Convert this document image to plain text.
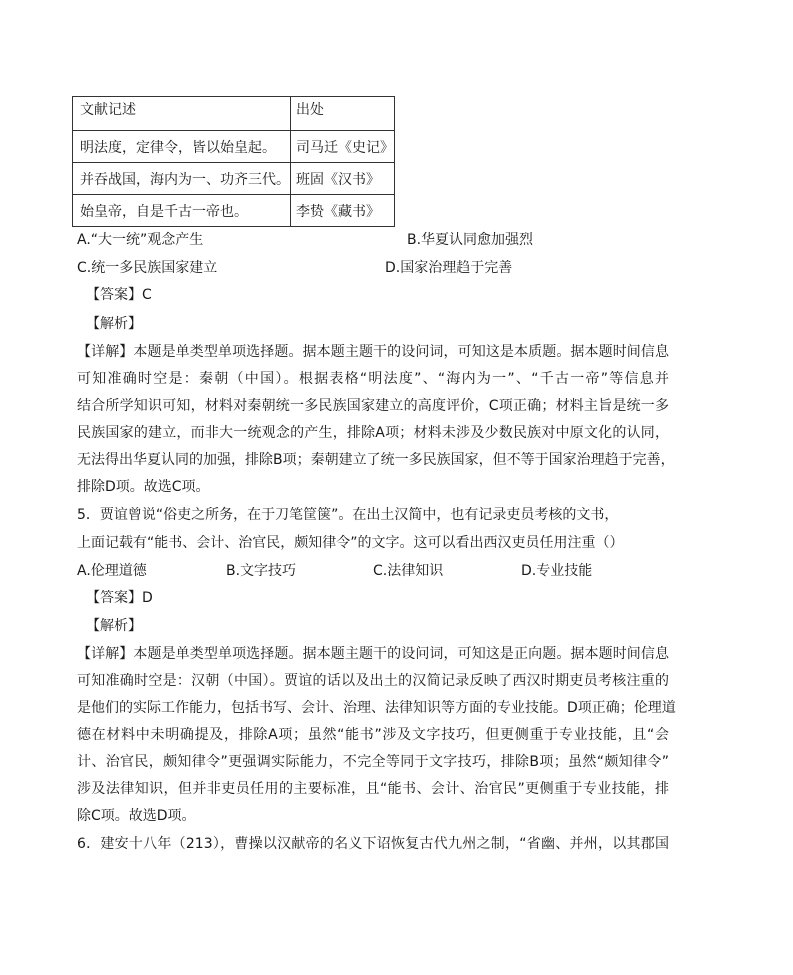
文献记述	出处
明法度，定律令，皆以始皇起。	司马迁《史记》
并吞战国，海内为一、功齐三代。	班固《汉书》
始皇帝，自是千古一帝也。	李贽《藏书》
A.“大一统”观念产生	B.华夏认同愈加强烈
C.统一多民族国家建立	D.国家治理趋于完善
【答案】C
【解析】
【详解】本题是单类型单项选择题。据本题主题干的设问词，可知这是本质题。据本题时间信息
可知准确时空是：秦朝（中国）。根据表格“明法度”、“海内为一”、“千古一帝”等信息并
结合所学知识可知，材料对秦朝统一多民族国家建立的高度评价，C项正确；材料主旨是统一多
民族国家的建立，而非大一统观念的产生，排除A项；材料未涉及少数民族对中原文化的认同，
无法得出华夏认同的加强，排除B项；秦朝建立了统一多民族国家，但不等于国家治理趋于完善，
排除D项。故选C项。
5．贾谊曾说“俗吏之所务，在于刀笔筐箧”。在出土汉简中，也有记录吏员考核的文书，
上面记载有“能书、会计、治官民，颇知律令”的文字。这可以看出西汉吏员任用注重（）
A.伦理道德	B.文字技巧	C.法律知识	D.专业技能
【答案】D
【解析】
【详解】本题是单类型单项选择题。据本题主题干的设问词，可知这是正向题。据本题时间信息
可知准确时空是：汉朝（中国）。贾谊的话以及出土的汉简记录反映了西汉时期吏员考核注重的
是他们的实际工作能力，包括书写、会计、治理、法律知识等方面的专业技能。D项正确；伦理道
德在材料中未明确提及，排除A项；虽然“能书”涉及文字技巧，但更侧重于专业技能，且“会
计、治官民，颇知律令”更强调实际能力，不完全等同于文字技巧，排除B项；虽然“颇知律令”
涉及法律知识，但并非吏员任用的主要标准，且“能书、会计、治官民”更侧重于专业技能，排
除C项。故选D项。
6．建安十八年（213），曹操以汉献帝的名义下诏恢复古代九州之制，“省幽、并州，以其郡国
